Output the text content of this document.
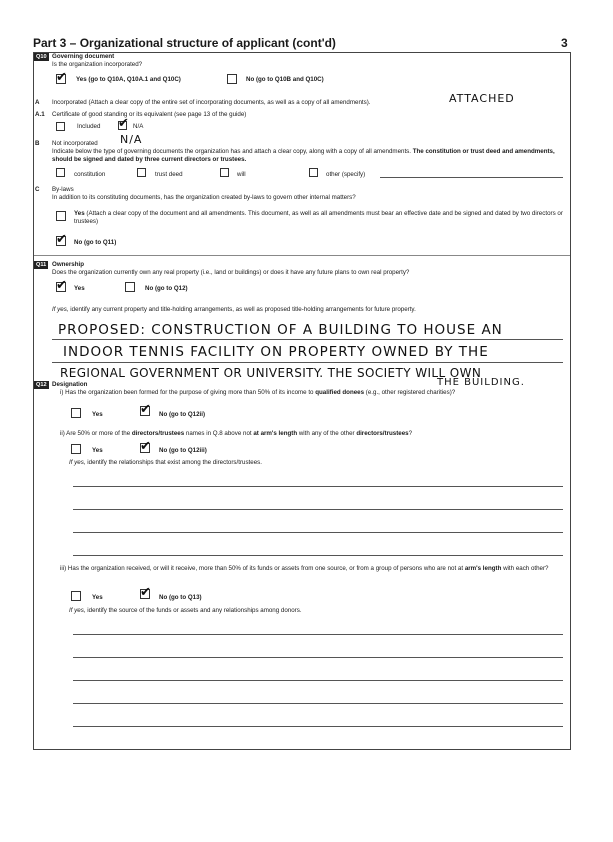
Part 3 – Organizational structure of applicant (cont'd)	3
Q10 Governing document
Is the organization incorporated?
✔ Yes (go to Q10A, Q10A.1 and Q10C)	No (go to Q10B and Q10C)
A Incorporated (Attach a clear copy of the entire set of incorporating documents, as well as a copy of all amendments).	ATTACHED
A.1 Certificate of good standing or its equivalent (see page 13 of the guide)
Included ✔ N/A
B Not incorporated N/A
Indicate below the type of governing documents the organization has and attach a clear copy, along with a copy of all amendments. The constitution or trust deed and amendments, should be signed and dated by three current directors or trustees.
constitution	trust deed	will	other (specify)
C By-laws
In addition to its constituting documents, has the organization created by-laws to govern other internal matters?
Yes (Attach a clear copy of the document and all amendments. This document, as well as all amendments must bear an effective date and be signed and dated by two directors or trustees)
✔ No (go to Q11)
Q11 Ownership
Does the organization currently own any real property (i.e., land or buildings) or does it have any future plans to own real property?
✔ Yes	No (go to Q12)
If yes, identify any current property and title-holding arrangements, as well as proposed title-holding arrangements for future property.
PROPOSED: CONSTRUCTION OF A BUILDING TO HOUSE AN
INDOOR TENNIS FACILITY ON PROPERTY OWNED BY THE
REGIONAL GOVERNMENT OR UNIVERSITY. THE SOCIETY WILL OWN
THE BUILDING.
Q12 Designation
i) Has the organization been formed for the purpose of giving more than 50% of its income to qualified donees (e.g., other registered charities)?
Yes	✔ No (go to Q12ii)
ii) Are 50% or more of the directors/trustees names in Q.8 above not at arm's length with any of the other directors/trustees?
Yes	✔ No (go to Q12iii)
If yes, identify the relationships that exist among the directors/trustees.
iii) Has the organization received, or will it receive, more than 50% of its funds or assets from one source, or from a group of persons who are not at arm's length with each other?
Yes	✔ No (go to Q13)
If yes, identify the source of the funds or assets and any relationships among donors.
